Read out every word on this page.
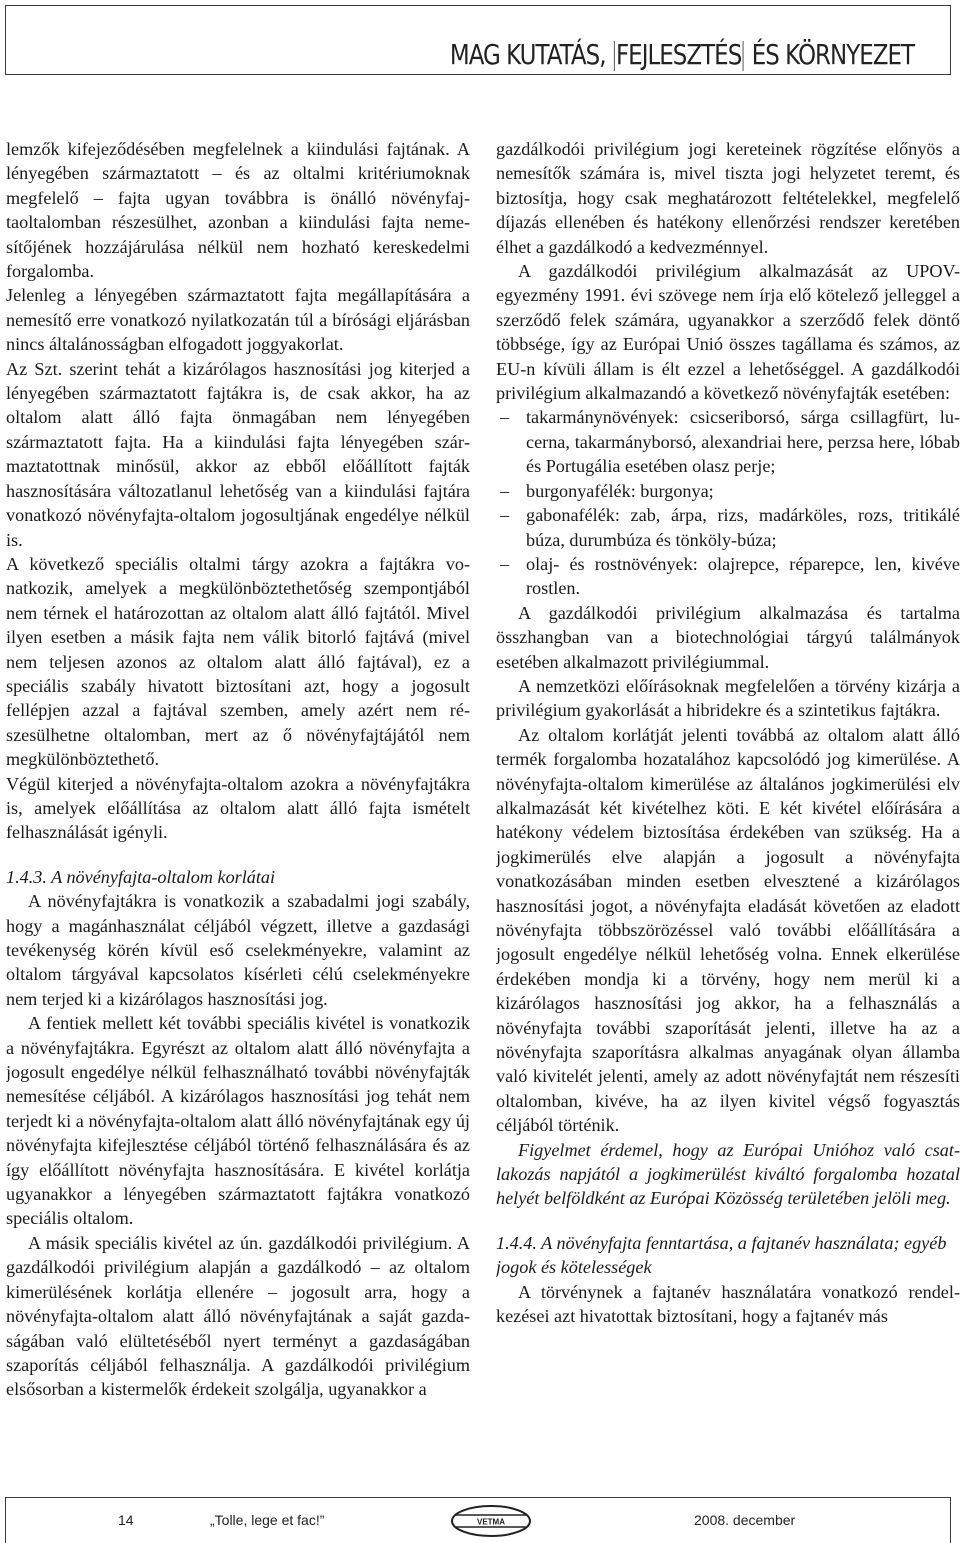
MAG KUTATÁS, FEJLESZTÉS ÉS KÖRNYEZET

lemzők kifejeződésében megfelelnek a kiindulási fajtának. A lényegében származtatott – és az oltalmi kritériumoknak megfelelő – fajta ugyan továbbra is önálló növényfajtaoltalomban részesülhet, azonban a kiindulási fajta nemesítőjének hozzájárulása nélkül nem hozható kereskedelmi forgalomba.

Jelenleg a lényegében származtatott fajta megállapítására a nemesítő erre vonatkozó nyilatkozatán túl a bírósági eljárásban nincs általánosságban elfogadott joggyakorlat.

Az Szt. szerint tehát a kizárólagos hasznosítási jog kiterjed a lényegében származtatott fajtákra is, de csak akkor, ha az oltalom alatt álló fajta önmagában nem lényegében származtatott fajta. Ha a kiindulási fajta lényegében származtatottnak minősül, akkor az ebből előállított fajták hasznosítására változatlanul lehetőség van a kiindulási fajtára vonatkozó növényfajta-oltalom jogosultjának engedélye nélkül is.

A következő speciális oltalmi tárgy azokra a fajtákra vonatkozik, amelyek a megkülönböztethetőség szempontjából nem térnek el határozottan az oltalom alatt álló fajtától. Mivel ilyen esetben a másik fajta nem válik bitorló fajtává (mivel nem teljesen azonos az oltalom alatt álló fajtával), ez a speciális szabály hivatott biztosítani azt, hogy a jogosult fellépjen azzal a fajtával szemben, amely azért nem részesülhetne oltalomban, mert az ő növényfajtájától nem megkülönböztethető.

Végül kiterjed a növényfajta-oltalom azokra a növényfajtákra is, amelyek előállítása az oltalom alatt álló fajta ismételt felhasználását igényli.

1.4.3. A növényfajta-oltalom korlátai

A növényfajtákra is vonatkozik a szabadalmi jogi szabály, hogy a magánhasználat céljából végzett, illetve a gazdasági tevékenység körén kívül eső cselekményekre, valamint az oltalom tárgyával kapcsolatos kísérleti célú cselekményekre nem terjed ki a kizárólagos hasznosítási jog.

A fentiek mellett két további speciális kivétel is vonatkozik a növényfajtákra. Egyrészt az oltalom alatt álló növényfajta a jogosult engedélye nélkül felhasználható további növényfajták nemesítése céljából. A kizárólagos hasznosítási jog tehát nem terjedt ki a növényfajta-oltalom alatt álló növényfajtának egy új növényfajta kifejlesztése céljából történő felhasználására és az így előállított növényfajta hasznosítására. E kivétel korlátja ugyanakkor a lényegében származtatott fajtákra vonatkozó speciális oltalom.

A másik speciális kivétel az ún. gazdálkodói privilégium. A gazdálkodói privilégium alapján a gazdálkodó – az oltalom kimerülésének korlátja ellenére – jogosult arra, hogy a növényfajta-oltalom alatt álló növényfajtának a saját gazdaságában való elültetéséből nyert terményt a gazdaságában szaporítás céljából felhasználja. A gazdálkodói privilégium elsősorban a kistermelők érdekeit szolgálja, ugyanakkor a

gazdálkodói privilégium jogi kereteinek rögzítése előnyös a nemesítők számára is, mivel tiszta jogi helyzetet teremt, és biztosítja, hogy csak meghatározott feltételekkel, megfelelő díjazás ellenében és hatékony ellenőrzési rendszer keretében élhet a gazdálkodó a kedvezménnyel.

A gazdálkodói privilégium alkalmazását az UPOV-egyezmény 1991. évi szövege nem írja elő kötelező jelleggel a szerződő felek számára, ugyanakkor a szerződő felek döntő többsége, így az Európai Unió összes tagállama és számos, az EU-n kívüli állam is élt ezzel a lehetőséggel. A gazdálkodói privilégium alkalmazandó a következő növényfajták esetében:

– takarmánynövények: csicseriborsó, sárga csillagfürt, lucerna, takarmányborsó, alexandriai here, perzsa here, lóbab és Portugália esetében olasz perje;
– burgonyafélék: burgonya;
– gabonafélék: zab, árpa, rizs, madárköles, rozs, tritikálé búza, durumbúza és tönköly-búza;
– olaj- és rostnövények: olajrepce, réparepce, len, kivéve rostlen.

A gazdálkodói privilégium alkalmazása és tartalma összhangban van a biotechnológiai tárgyú találmányok esetében alkalmazott privilégiummal.

A nemzetközi előírásoknak megfelelően a törvény kizárja a privilégium gyakorlását a hibridekre és a szintetikus fajtákra.

Az oltalom korlátját jelenti továbbá az oltalom alatt álló termék forgalomba hozatalához kapcsolódó jog kimerülése. A növényfajta-oltalom kimerülése az általános jogkimerülési elv alkalmazását két kivételhez köti. E két kivétel előírására a hatékony védelem biztosítása érdekében van szükség. Ha a jogkimerülés elve alapján a jogosult a növényfajta vonatkozásában minden esetben elvesztené a kizárólagos hasznosítási jogot, a növényfajta eladását követően az eladott növényfajta többszörözéssel való további előállítására a jogosult engedélye nélkül lehetőség volna. Ennek elkerülése érdekében mondja ki a törvény, hogy nem merül ki a kizárólagos hasznosítási jog akkor, ha a felhasználás a növényfajta további szaporítását jelenti, illetve ha az a növényfajta szaporításra alkalmas anyagának olyan államba való kivitelét jelenti, amely az adott növényfajtát nem részesíti oltalomban, kivéve, ha az ilyen kivitel végső fogyasztás céljából történik.

Figyelmet érdemel, hogy az Európai Unióhoz való csatlakozás napjától a jogkimerülést kiváltó forgalomba hozatal helyét belföldként az Európai Közösség területében jelöli meg.

1.4.4. A növényfajta fenntartása, a fajtanév használata; egyéb jogok és kötelességek

A törvénynek a fajtanév használatára vonatkozó rendelkezései azt hivatottak biztosítani, hogy a fajtanév más

14	„Tolle, lege et fac!”	VETMA	2008. december
